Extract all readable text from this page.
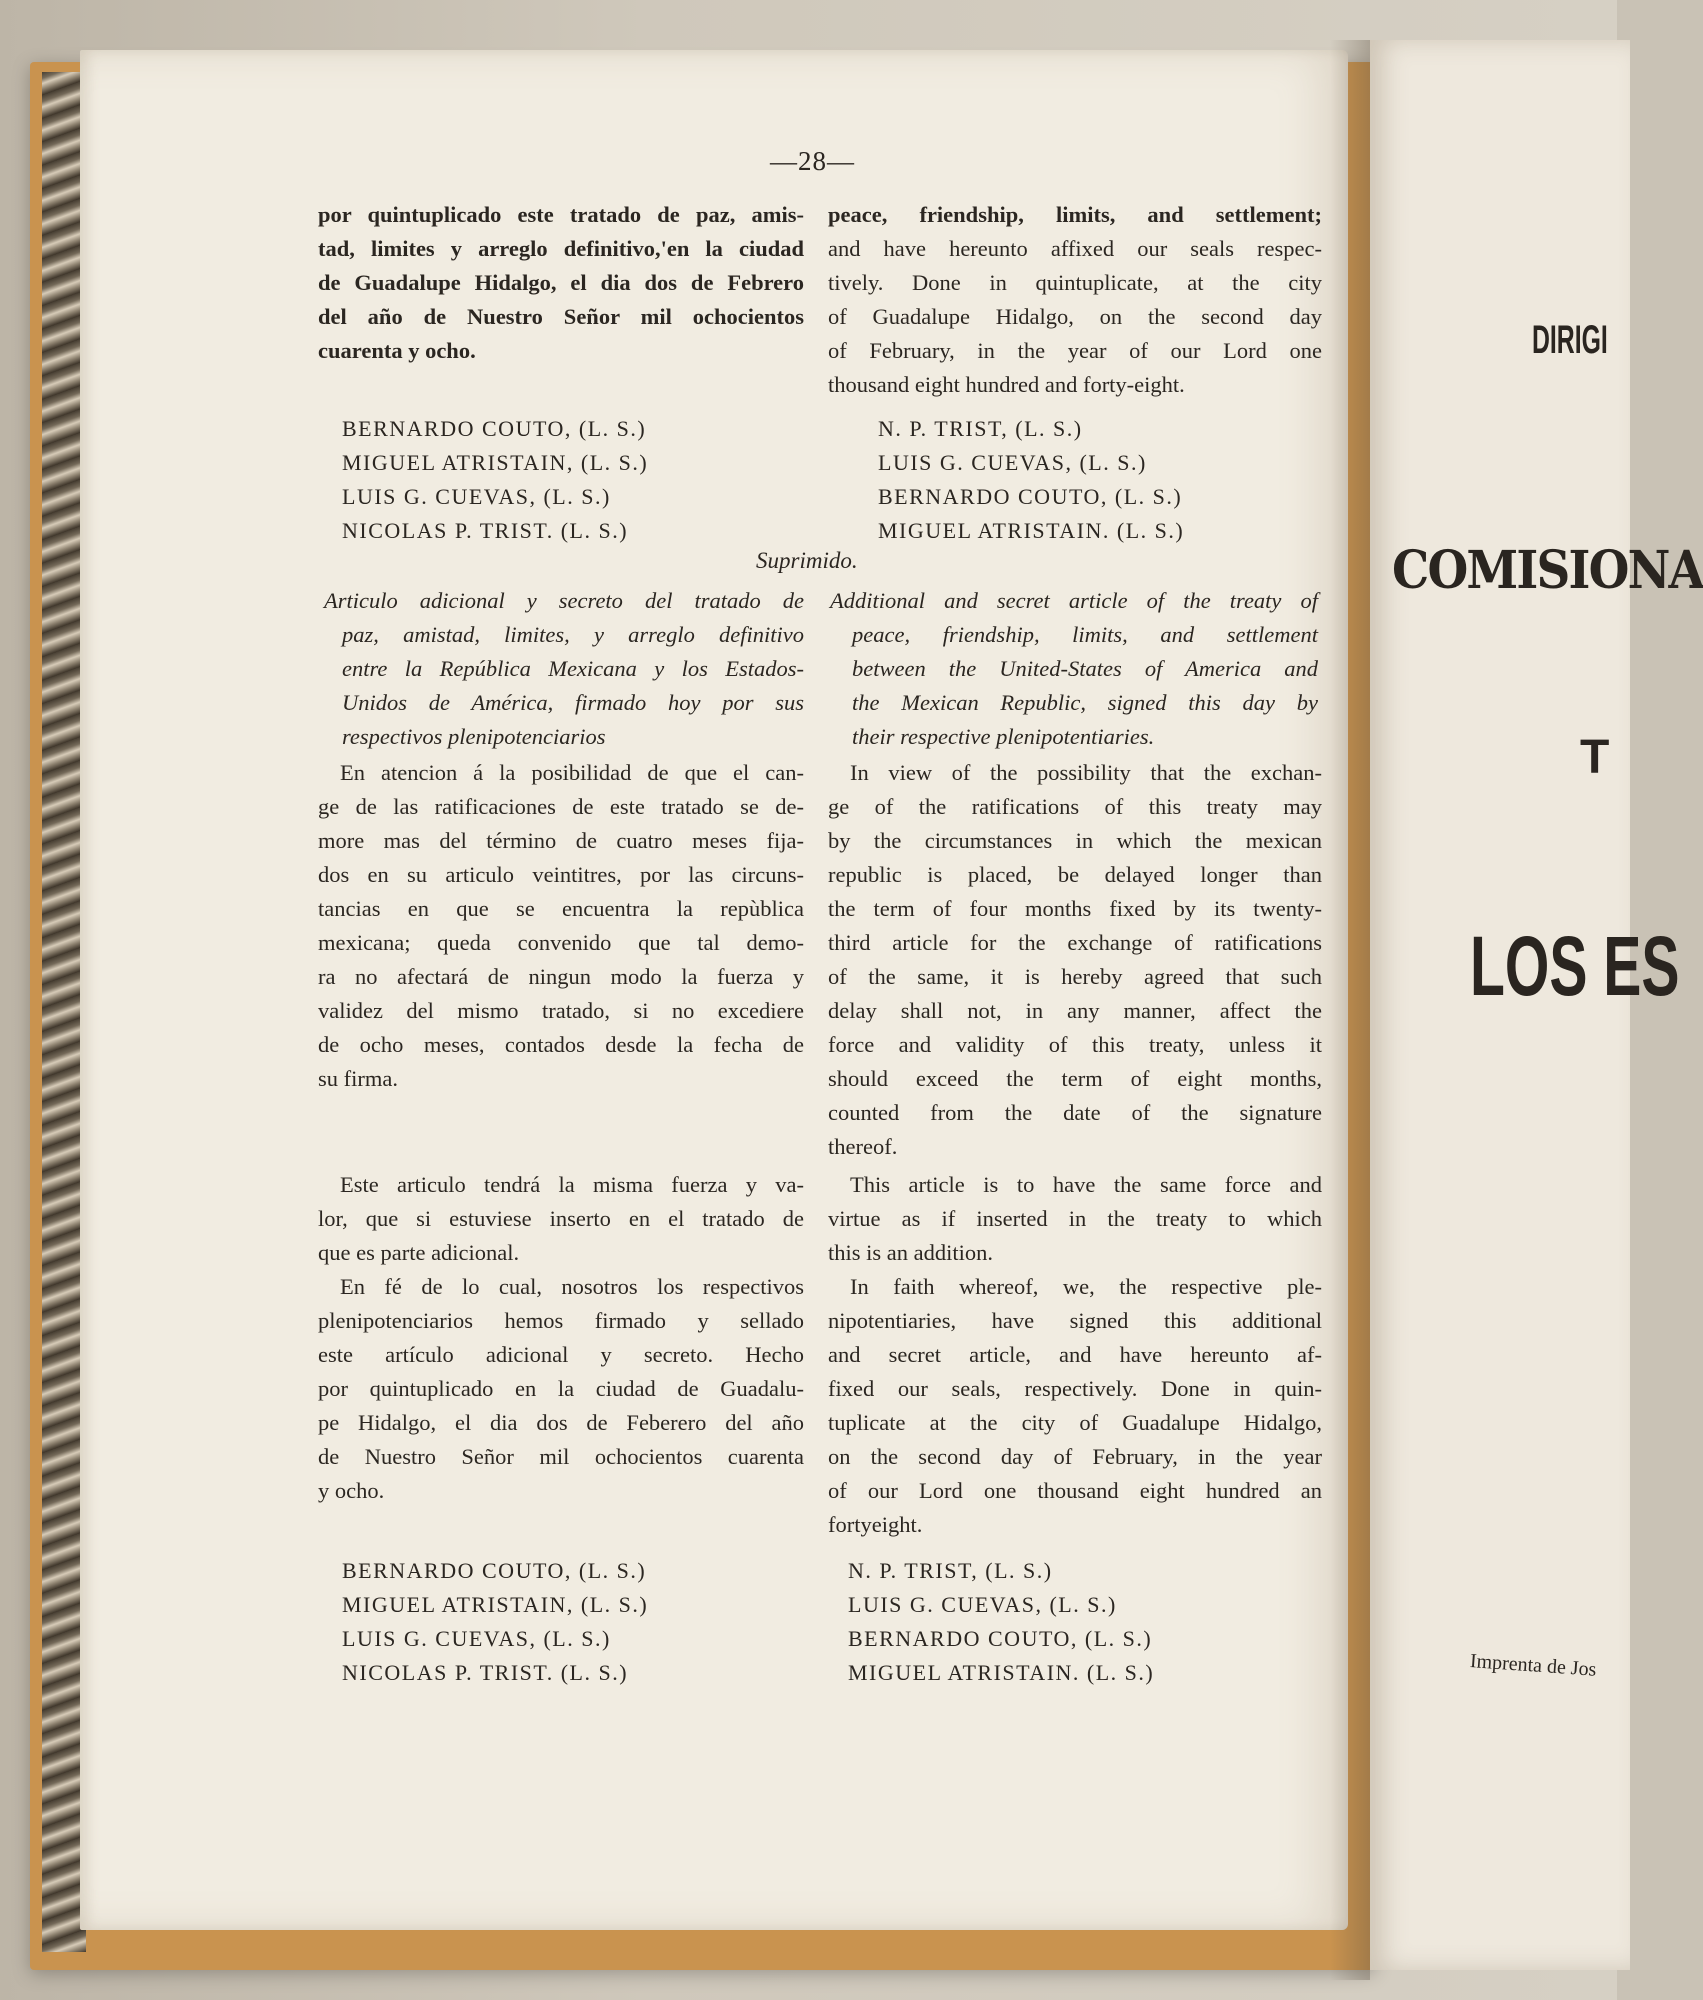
DIRIGI
COMISIONA
T
LOS ES
Imprenta de Jos
—28—
por quintuplicado este tratado de paz, amis-
tad, limites y arreglo definitivo,'en la ciudad
de Guadalupe Hidalgo, el dia dos de Febrero
del año de Nuestro Señor mil ochocientos
cuarenta y ocho.
BERNARDO COUTO, (L. S.)
MIGUEL ATRISTAIN, (L. S.)
LUIS G. CUEVAS, (L. S.)
NICOLAS P. TRIST. (L. S.)
Suprimido.
Articulo adicional y secreto del tratado de
paz, amistad, limites, y arreglo definitivo
entre la República Mexicana y los Estados-
Unidos de América, firmado hoy por sus
respectivos plenipotenciarios
En atencion á la posibilidad de que el can-
ge de las ratificaciones de este tratado se de-
more mas del término de cuatro meses fija-
dos en su articulo veintitres, por las circuns-
tancias en que se encuentra la repùblica
mexicana; queda convenido que tal demo-
ra no afectará de ningun modo la fuerza y
validez del mismo tratado, si no excediere
de ocho meses, contados desde la fecha de
su firma.
Este articulo tendrá la misma fuerza y va-
lor, que si estuviese inserto en el tratado de
que es parte adicional.
En fé de lo cual, nosotros los respectivos
plenipotenciarios hemos firmado y sellado
este artículo adicional y secreto. Hecho
por quintuplicado en la ciudad de Guadalu-
pe Hidalgo, el dia dos de Feberero del año
de Nuestro Señor mil ochocientos cuarenta
y ocho.
BERNARDO COUTO, (L. S.)
MIGUEL ATRISTAIN, (L. S.)
LUIS G. CUEVAS, (L. S.)
NICOLAS P. TRIST. (L. S.)
peace, friendship, limits, and settlement;
and have hereunto affixed our seals respec-
tively. Done in quintuplicate, at the city
of Guadalupe Hidalgo, on the second day
of February, in the year of our Lord one
thousand eight hundred and forty-eight.
N. P. TRIST, (L. S.)
LUIS G. CUEVAS, (L. S.)
BERNARDO COUTO, (L. S.)
MIGUEL ATRISTAIN. (L. S.)
Additional and secret article of the treaty of
peace, friendship, limits, and settlement
between the United-States of America and
the Mexican Republic, signed this day by
their respective plenipotentiaries.
In view of the possibility that the exchan-
ge of the ratifications of this treaty may
by the circumstances in which the mexican
republic is placed, be delayed longer than
the term of four months fixed by its twenty-
third article for the exchange of ratifications
of the same, it is hereby agreed that such
delay shall not, in any manner, affect the
force and validity of this treaty, unless it
should exceed the term of eight months,
counted from the date of the signature
thereof.
This article is to have the same force and
virtue as if inserted in the treaty to which
this is an addition.
In faith whereof, we, the respective ple-
nipotentiaries, have signed this additional
and secret article, and have hereunto af-
fixed our seals, respectively. Done in quin-
tuplicate at the city of Guadalupe Hidalgo,
on the second day of February, in the year
of our Lord one thousand eight hundred an
fortyeight.
N. P. TRIST, (L. S.)
LUIS G. CUEVAS, (L. S.)
BERNARDO COUTO, (L. S.)
MIGUEL ATRISTAIN. (L. S.)
